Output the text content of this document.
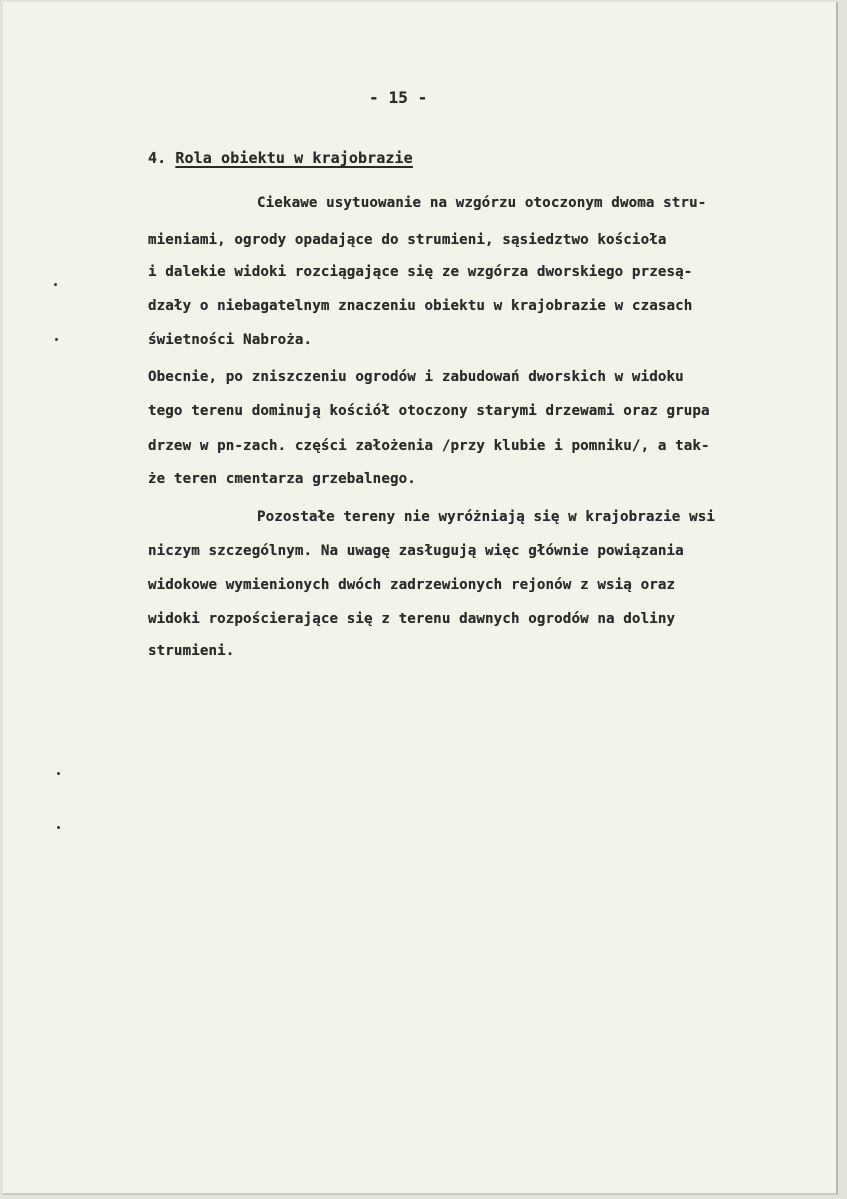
- 15 -
4. Rola obiektu w krajobrazie
Ciekawe usytuowanie na wzgórzu otoczonym dwoma stru-
mieniami, ogrody opadające do strumieni, sąsiedztwo kościoła
i dalekie widoki rozciągające się ze wzgórza dworskiego przesą-
dzały o niebagatelnym znaczeniu obiektu w krajobrazie w czasach
świetności Nabroża.
Obecnie, po zniszczeniu ogrodów i zabudowań dworskich w widoku
tego terenu dominują kościół otoczony starymi drzewami oraz grupa
drzew w pn-zach. części założenia /przy klubie i pomniku/, a tak-
że teren cmentarza grzebalnego.
Pozostałe tereny nie wyróżniają się w krajobrazie wsi
niczym szczególnym. Na uwagę zasługują więc głównie powiązania
widokowe wymienionych dwóch zadrzewionych rejonów z wsią oraz
widoki rozpościerające się z terenu dawnych ogrodów na doliny
strumieni.
